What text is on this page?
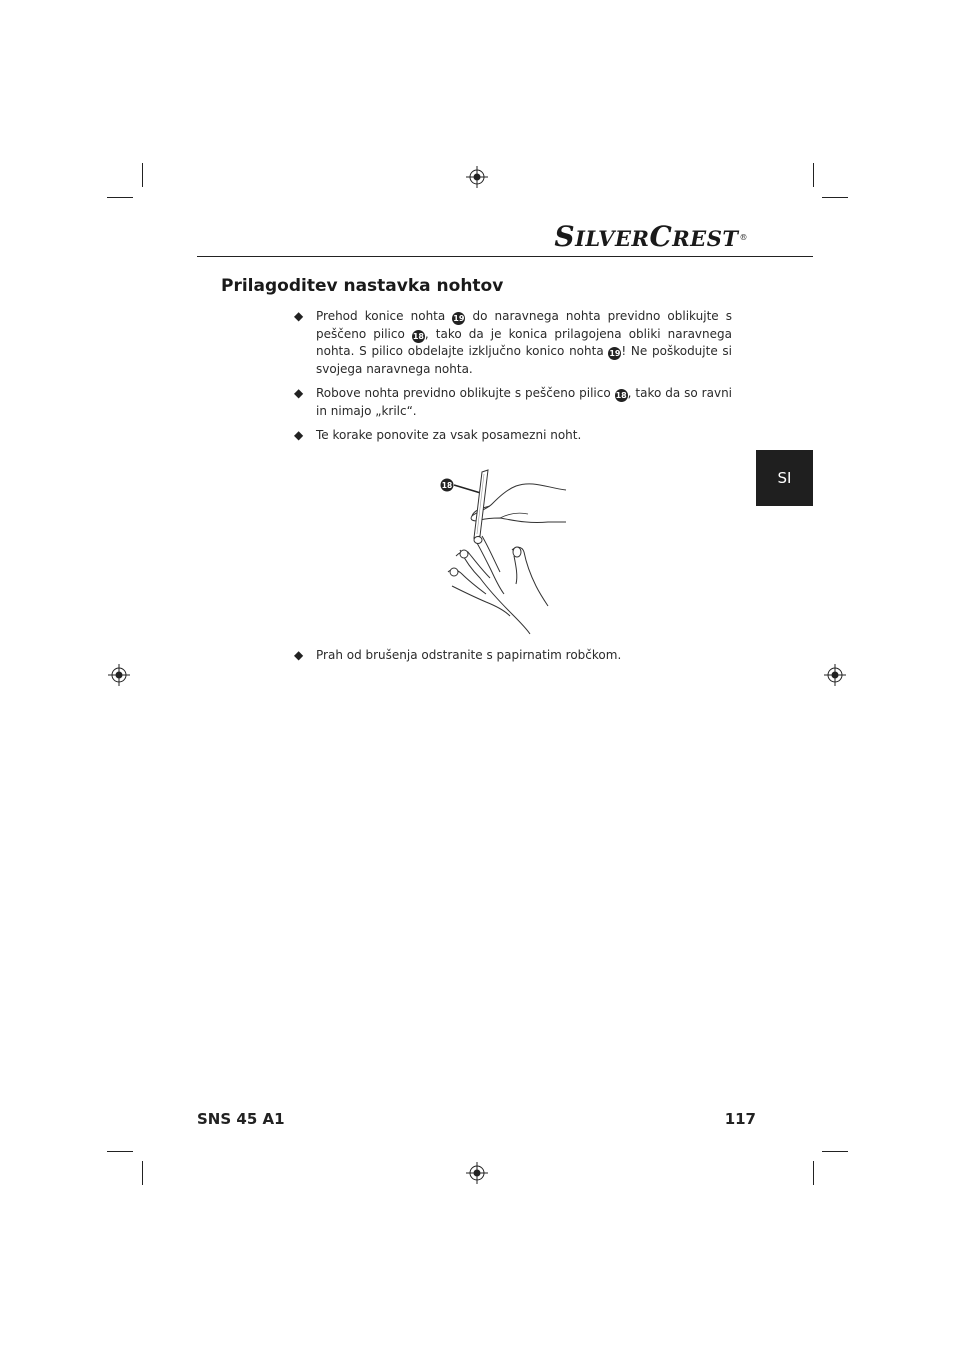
SILVERCREST®
Prilagoditev nastavka nohtov
◆ Prehod konice nohta 19 do naravnega nohta previdno oblikujte s peščeno pilico 18, tako da je konica prilagojena obliki naravnega nohta. S pilico obdelajte izključno konico nohta 19! Ne poškodujte si svojega naravnega nohta.
◆ Robove nohta previdno oblikujte s peščeno pilico 18, tako da so ravni in nimajo „krilc“.
◆ Te korake ponovite za vsak posamezni noht.
18
◆ Prah od brušenja odstranite s papirnatim robčkom.
SI
SNS 45 A1	117
